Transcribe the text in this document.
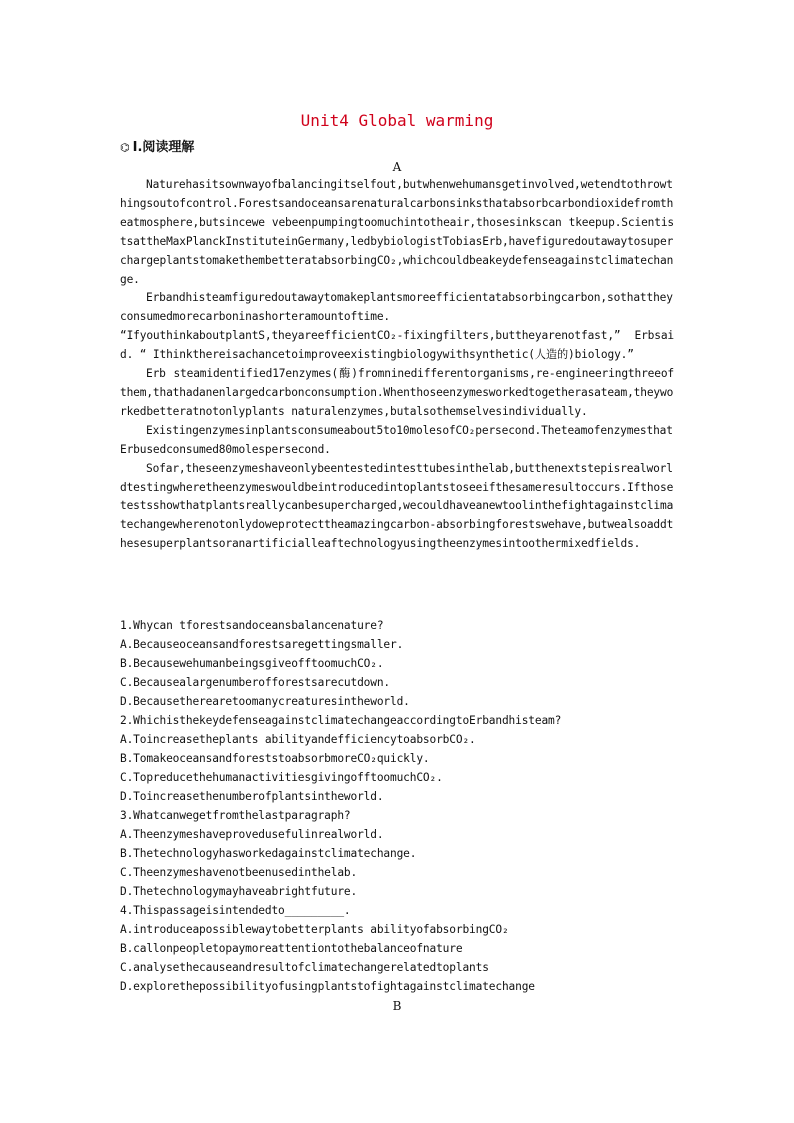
Unit4 Global warming
⌬ I.阅读理解
A

Naturehasitsownwayofbalancingitselfout,butwhenwehumansgetinvolved,wetendtothrowthingsoutofcontrol.Forestsandoceansarenaturalcarbonsinksthatabsorbcarbondioxidefromtheatmosphere,butsincewe vebeenpumpingtoomuchintotheair,thosesinkscan tkeepup.ScientistsattheMaxPlanckInstituteinGermany,ledbybiologistTobiasErb,havefiguredoutawaytosuperchargeplantstomakethembetteratabsorbingCO₂,whichcouldbeakeydefenseagainstclimatechange.

Erbandhisteamfiguredoutawaytomakeplantsmoreefficientatabsorbingcarbon,sothattheyconsumedmorecarboninashorteramountoftime.

“IfyouthinkaboutplantS,theyareefficientCO₂-fixingfilters,buttheyarenotfast,” Erbsaid. “ Ithinkthereisachancetoimproveexistingbiologywithsynthetic(人造的)biology.”

Erb steamidentified17enzymes(酶)fromninedifferentorganisms,re-engineeringthreeofthem,thathadanenlargedcarbonconsumption.Whenthoseenzymesworkedtogetherasateam,theyworkedbetteratnotonlyplants naturalenzymes,butalsothemselvesindividually.

Existingenzymesinplantsconsumeabout5to10molesofCO₂persecond.TheteamofenzymesthatErbusedconsumed80molespersecond.

Sofar,theseenzymeshaveonlybeentestedintesttubesinthelab,butthenextstepisrealworldtestingwheretheenzymeswouldbeintroducedintoplantstoseeifthesameresultoccurs.Ifthosetestsshowthatplantsreallycanbesupercharged,wecouldhaveanewtoolinthefightagainstclimatechangewherenotonlydoweprotecttheamazingcarbon-absorbingforestswehave,butwealsoaddthesesuperplantsoranartificialleaftechnologyusingtheenzymesintoothermixedfields.

1.Whycan tforestsandoceansbalancenature?
A.Becauseoceansandforestsaregettingsmaller.
B.BecausewehumanbeingsgiveofftoomuchCO₂.
C.Becausealargenumberofforestsarecutdown.
D.Becausetherearetoomanycreaturesintheworld.
2.WhichisthekeydefenseagainstclimatechangeaccordingtoErbandhisteam?
A.Toincreasetheplants abilityandefficiencytoabsorbCO₂.
B.TomakeoceansandforeststoabsorbmoreCO₂quickly.
C.TopreducethehumanactivitiesgivingofftoomuchCO₂.
D.Toincreasethenumberofplantsintheworld.
3.Whatcanwegetfromthelastparagraph?
A.Theenzymeshaveprovedusefulinrealworld.
B.Thetechnologyhasworkedagainstclimatechange.
C.Theenzymeshavenotbeenusedinthelab.
D.Thetechnologymayhaveabrightfuture.
4.Thispassageisintendedto_________.
A.introduceapossiblewaytobetterplants abilityofabsorbingCO₂
B.callonpeopletopaymoreattentiontothebalanceofnature
C.analysethecauseandresultofclimatechangerelatedtoplants
D.explorethepossibilityofusingplantstofightagainstclimatechange
B
